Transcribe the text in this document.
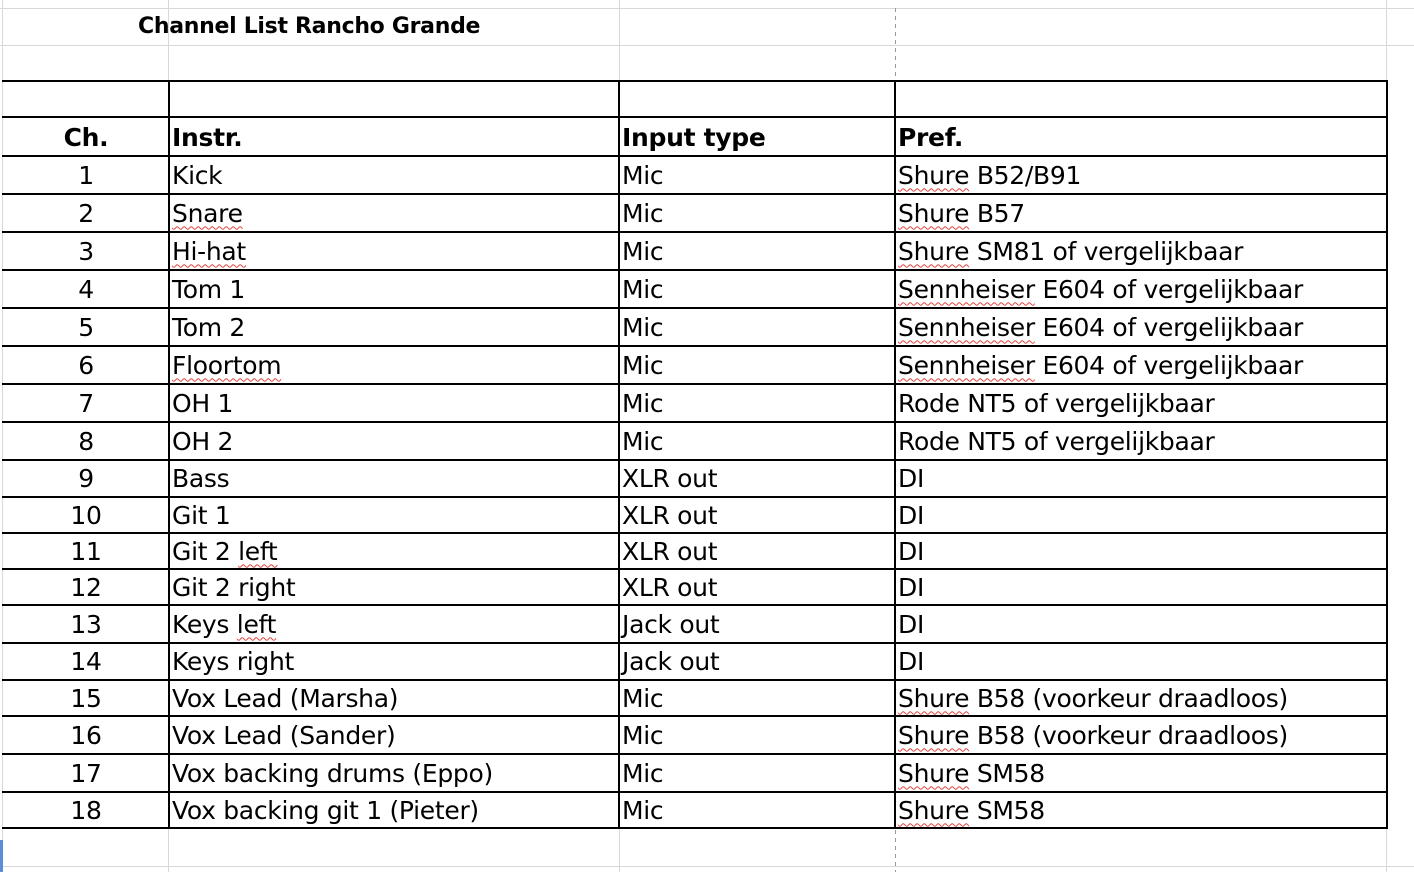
Channel List Rancho Grande
Ch.	Instr.	Input type	Pref.
1	Kick	Mic	Shure B52/B91
2	Snare	Mic	Shure B57
3	Hi-hat	Mic	Shure SM81 of vergelijkbaar
4	Tom 1	Mic	Sennheiser E604 of vergelijkbaar
5	Tom 2	Mic	Sennheiser E604 of vergelijkbaar
6	Floortom	Mic	Sennheiser E604 of vergelijkbaar
7	OH 1	Mic	Rode NT5 of vergelijkbaar
8	OH 2	Mic	Rode NT5 of vergelijkbaar
9	Bass	XLR out	DI
10	Git 1	XLR out	DI
11	Git 2 left	XLR out	DI
12	Git 2 right	XLR out	DI
13	Keys left	Jack out	DI
14	Keys right	Jack out	DI
15	Vox Lead (Marsha)	Mic	Shure B58 (voorkeur draadloos)
16	Vox Lead (Sander)	Mic	Shure B58 (voorkeur draadloos)
17	Vox backing drums (Eppo)	Mic	Shure SM58
18	Vox backing git 1 (Pieter)	Mic	Shure SM58
